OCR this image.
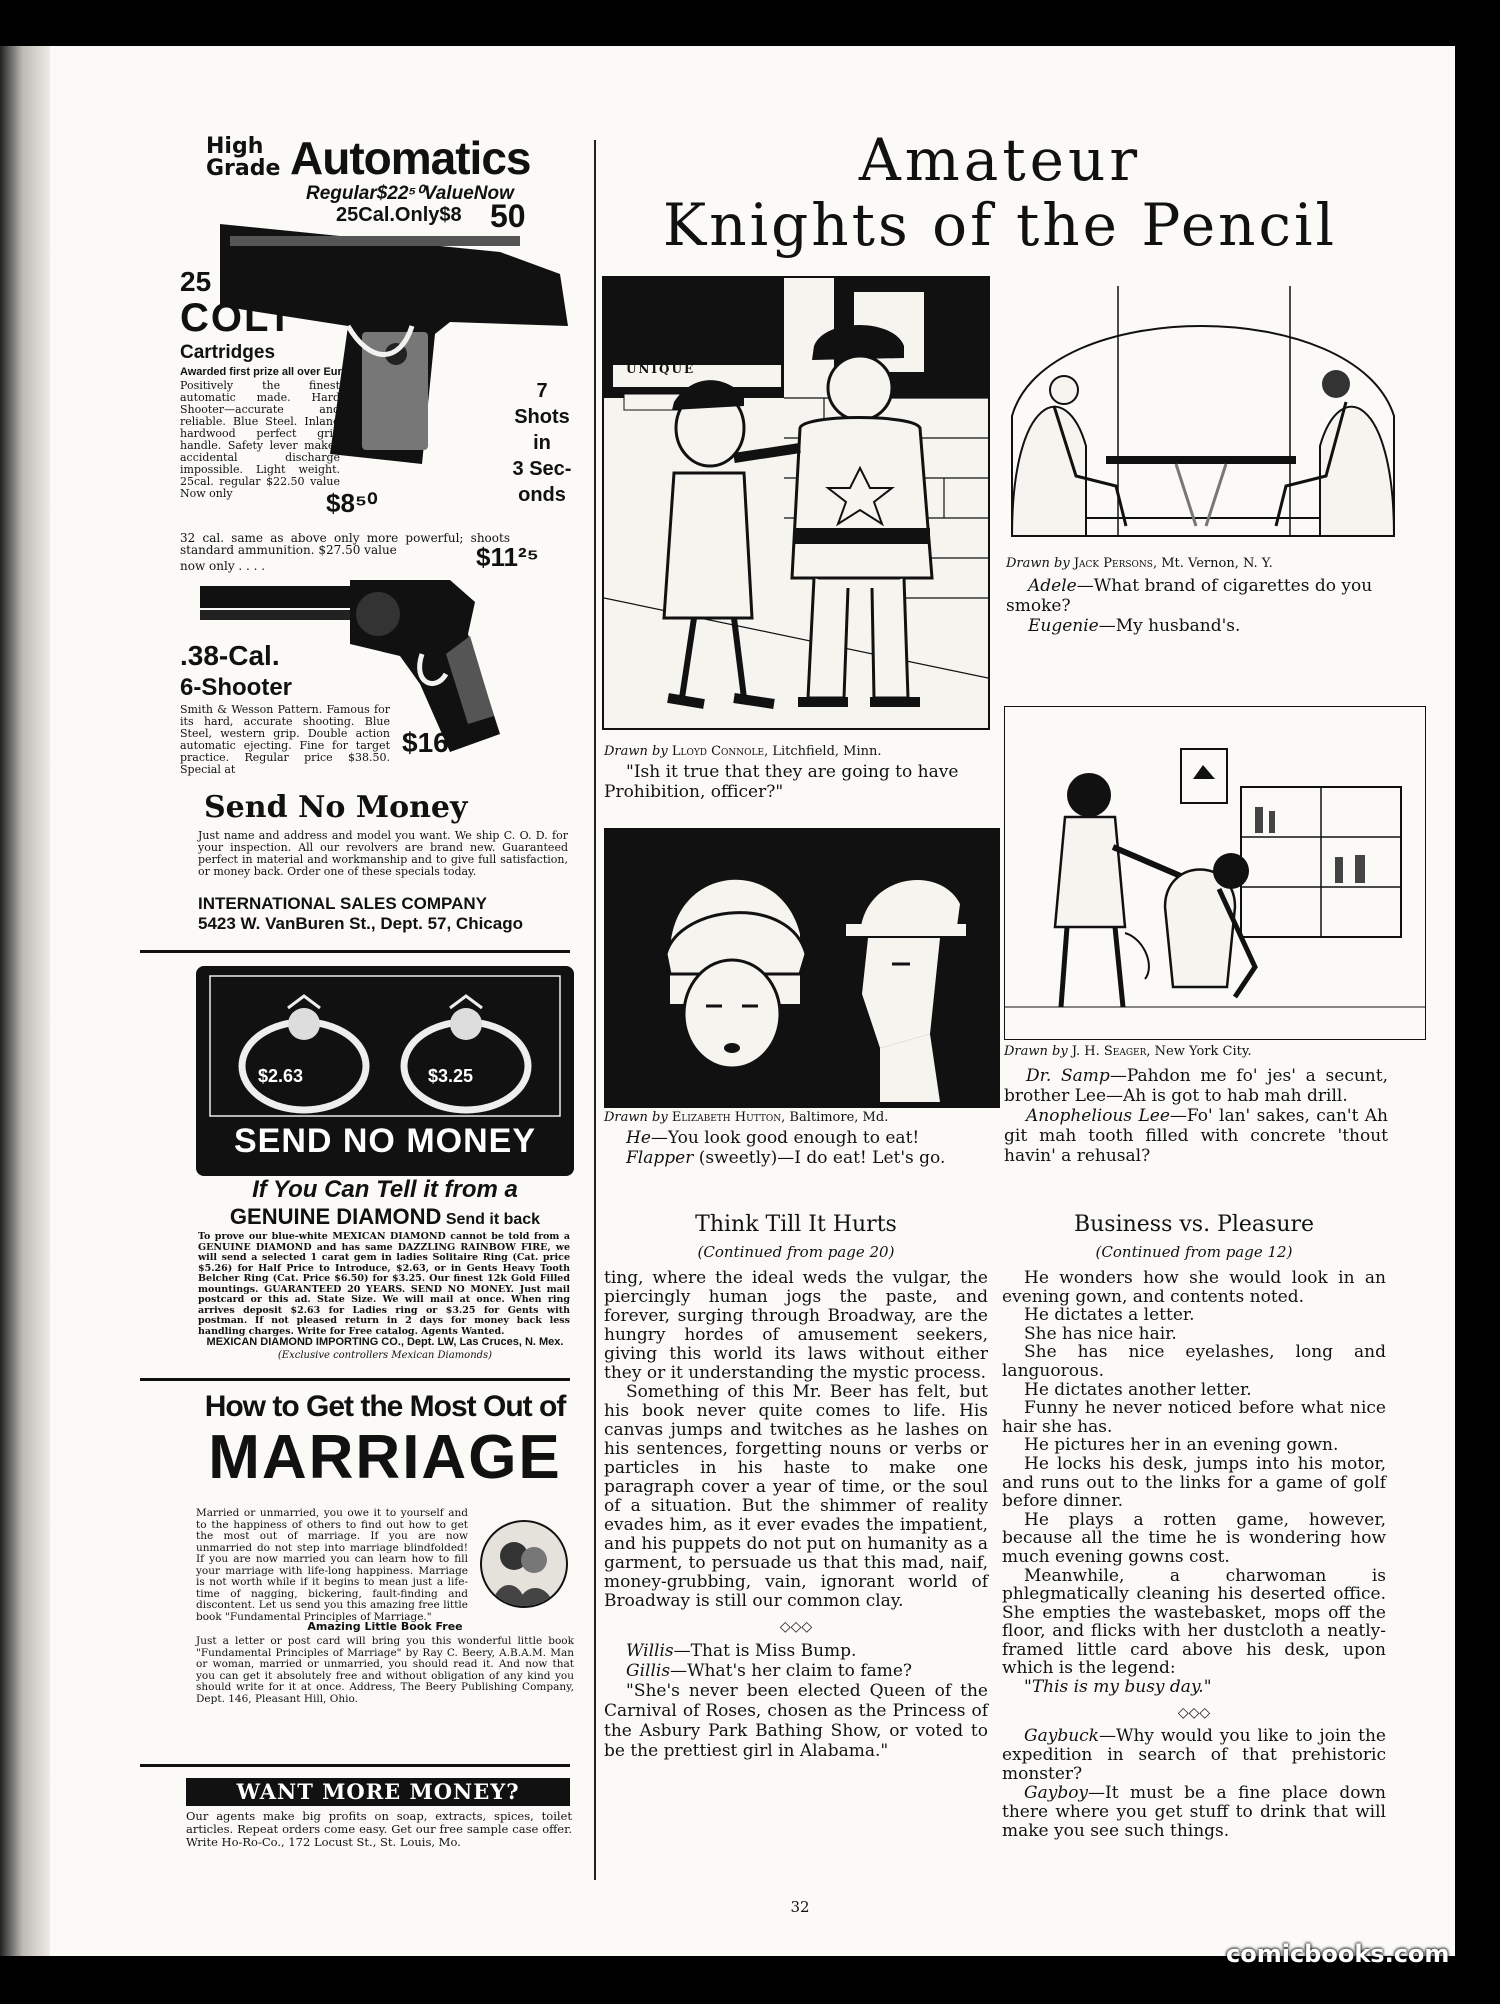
Amateur
Knights of the Pencil
High
Grade Automatics
Regular$22⁵⁰ValueNow
25Cal.Only$8 50
25 Cal.
COLT
Cartridges
Awarded first prize all over Europe
Positively the finest automatic made. Hard Shooter—accurate and reliable. Blue Steel. Inland hardwood perfect grip handle. Safety lever makes accidental discharge impossible. Light weight. 25cal. regular $22.50 value Now only	$8⁵⁰
7
Shots
in
3 Sec-
onds
32 cal. same as above only more powerful; shoots standard ammunition. $27.50 value
now only . . . .	$11²⁵
.38-Cal.
6-Shooter
Smith & Wesson Pattern. Famous for its hard, accurate shooting. Blue Steel, western grip. Double action automatic ejecting. Fine for target practice. Regular price $38.50. Special at
$16⁵⁰
Send No Money
Just name and address and model you want. We ship C. O. D. for your inspection. All our revolvers are brand new. Guaranteed perfect in material and workmanship and to give full satisfaction, or money back. Order one of these specials today.
INTERNATIONAL SALES COMPANY
5423 W. VanBuren St., Dept. 57, Chicago
$2.63	$3.25
SEND NO MONEY
If You Can Tell it from a
GENUINE DIAMOND Send it back
To prove our blue-white MEXICAN DIAMOND cannot be told from a GENUINE DIAMOND and has same DAZZLING RAINBOW FIRE, we will send a selected 1 carat gem in ladies Solitaire Ring (Cat. price $5.26) for Half Price to Introduce, $2.63, or in Gents Heavy Tooth Belcher Ring (Cat. Price $6.50) for $3.25. Our finest 12k Gold Filled mountings. GUARANTEED 20 YEARS. SEND NO MONEY. Just mail postcard or this ad. State Size. We will mail at once. When ring arrives deposit $2.63 for Ladies ring or $3.25 for Gents with postman. If not pleased return in 2 days for money back less handling charges. Write for Free catalog. Agents Wanted.
MEXICAN DIAMOND IMPORTING CO., Dept. LW, Las Cruces, N. Mex.
(Exclusive controllers Mexican Diamonds)
How to Get the Most Out of
MARRIAGE
Married or unmarried, you owe it to yourself and to the happiness of others to find out how to get the most out of marriage. If you are now unmarried do not step into marriage blindfolded! If you are now married you can learn how to fill your marriage with life-long happiness. Marriage is not worth while if it begins to mean just a life-time of nagging, bickering, fault-finding and discontent. Let us send you this amazing free little book "Fundamental Principles of Marriage."
Amazing Little Book Free
Just a letter or post card will bring you this wonderful little book "Fundamental Principles of Marriage" by Ray C. Beery, A.B.A.M. Man or woman, married or unmarried, you should read it. And now that you can get it absolutely free and without obligation of any kind you should write for it at once. Address, The Beery Publishing Company, Dept. 146, Pleasant Hill, Ohio.
WANT MORE MONEY?
Our agents make big profits on soap, extracts, spices, toilet articles. Repeat orders come easy. Get our free sample case offer. Write Ho-Ro-Co., 172 Locust St., St. Louis, Mo.
UNIQUE
Drawn by Lloyd Connole, Litchfield, Minn.
"Ish it true that they are going to have Prohibition, officer?"
Drawn by Jack Persons, Mt. Vernon, N. Y.

Adele—What brand of cigarettes do you smoke?

Eugenie—My husband's.

Drawn by Elizabeth Hutton, Baltimore, Md.

He—You look good enough to eat!

Flapper (sweetly)—I do eat! Let's go.

Drawn by J. H. Seager, New York City.

Dr. Samp—Pahdon me fo' jes' a secunt, brother Lee—Ah is got to hab mah drill.

Anophelious Lee—Fo' lan' sakes, can't Ah git mah tooth filled with concrete 'thout havin' a rehusal?

Think Till It Hurts
(Continued from page 20)

ting, where the ideal weds the vulgar, the piercingly human jogs the paste, and forever, surging through Broadway, are the hungry hordes of amusement seekers, giving this world its laws without either they or it understanding the mystic process.

Something of this Mr. Beer has felt, but his book never quite comes to life. His canvas jumps and twitches as he lashes on his sentences, forgetting nouns or verbs or particles in his haste to make one paragraph cover a year of time, or the soul of a situation. But the shimmer of reality evades him, as it ever evades the impatient, and his puppets do not put on humanity as a garment, to persuade us that this mad, naif, money-grubbing, vain, ignorant world of Broadway is still our common clay.

◇◇◇

Willis—That is Miss Bump.

Gillis—What's her claim to fame?

"She's never been elected Queen of the Carnival of Roses, chosen as the Princess of the Asbury Park Bathing Show, or voted to be the prettiest girl in Alabama."

Business vs. Pleasure
(Continued from page 12)

He wonders how she would look in an evening gown, and contents noted.

He dictates a letter.

She has nice hair.

She has nice eyelashes, long and languorous.

He dictates another letter.

Funny he never noticed before what nice hair she has.

He pictures her in an evening gown.

He locks his desk, jumps into his motor, and runs out to the links for a game of golf before dinner.

He plays a rotten game, however, because all the time he is wondering how much evening gowns cost.

Meanwhile, a charwoman is phlegmatically cleaning his deserted office. She empties the wastebasket, mops off the floor, and flicks with her dustcloth a neatly-framed little card above his desk, upon which is the legend:

"This is my busy day."

◇◇◇

Gaybuck—Why would you like to join the expedition in search of that prehistoric monster?

Gayboy—It must be a fine place down there where you get stuff to drink that will make you see such things.

32
comicbooks.com
